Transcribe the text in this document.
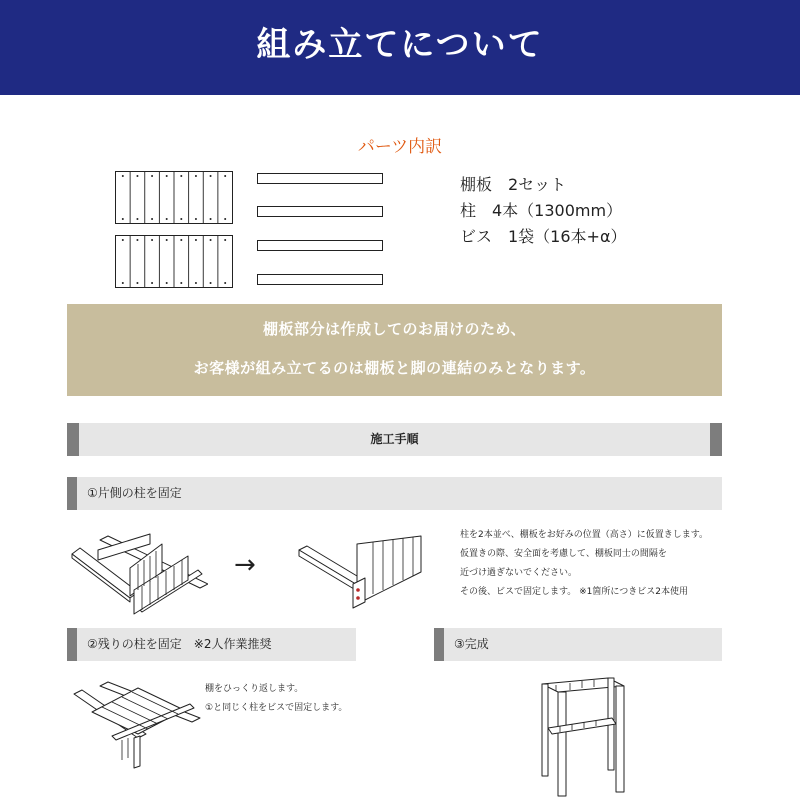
組み立てについて
パーツ内訳
棚板　2セット
柱　4本（1300mm）
ビス　1袋（16本+α）
棚板部分は作成してのお届けのため、
お客様が組み立てるのは棚板と脚の連結のみとなります。
施工手順
①片側の柱を固定
→
柱を2本並べ、棚板をお好みの位置（高さ）に仮置きします。
仮置きの際、安全面を考慮して、棚板同士の間隔を
近づけ過ぎないでください。
その後、ビスで固定します。 ※1箇所につきビス2本使用
②残りの柱を固定　※2人作業推奨
棚をひっくり返します。
①と同じく柱をビスで固定します。
③完成
